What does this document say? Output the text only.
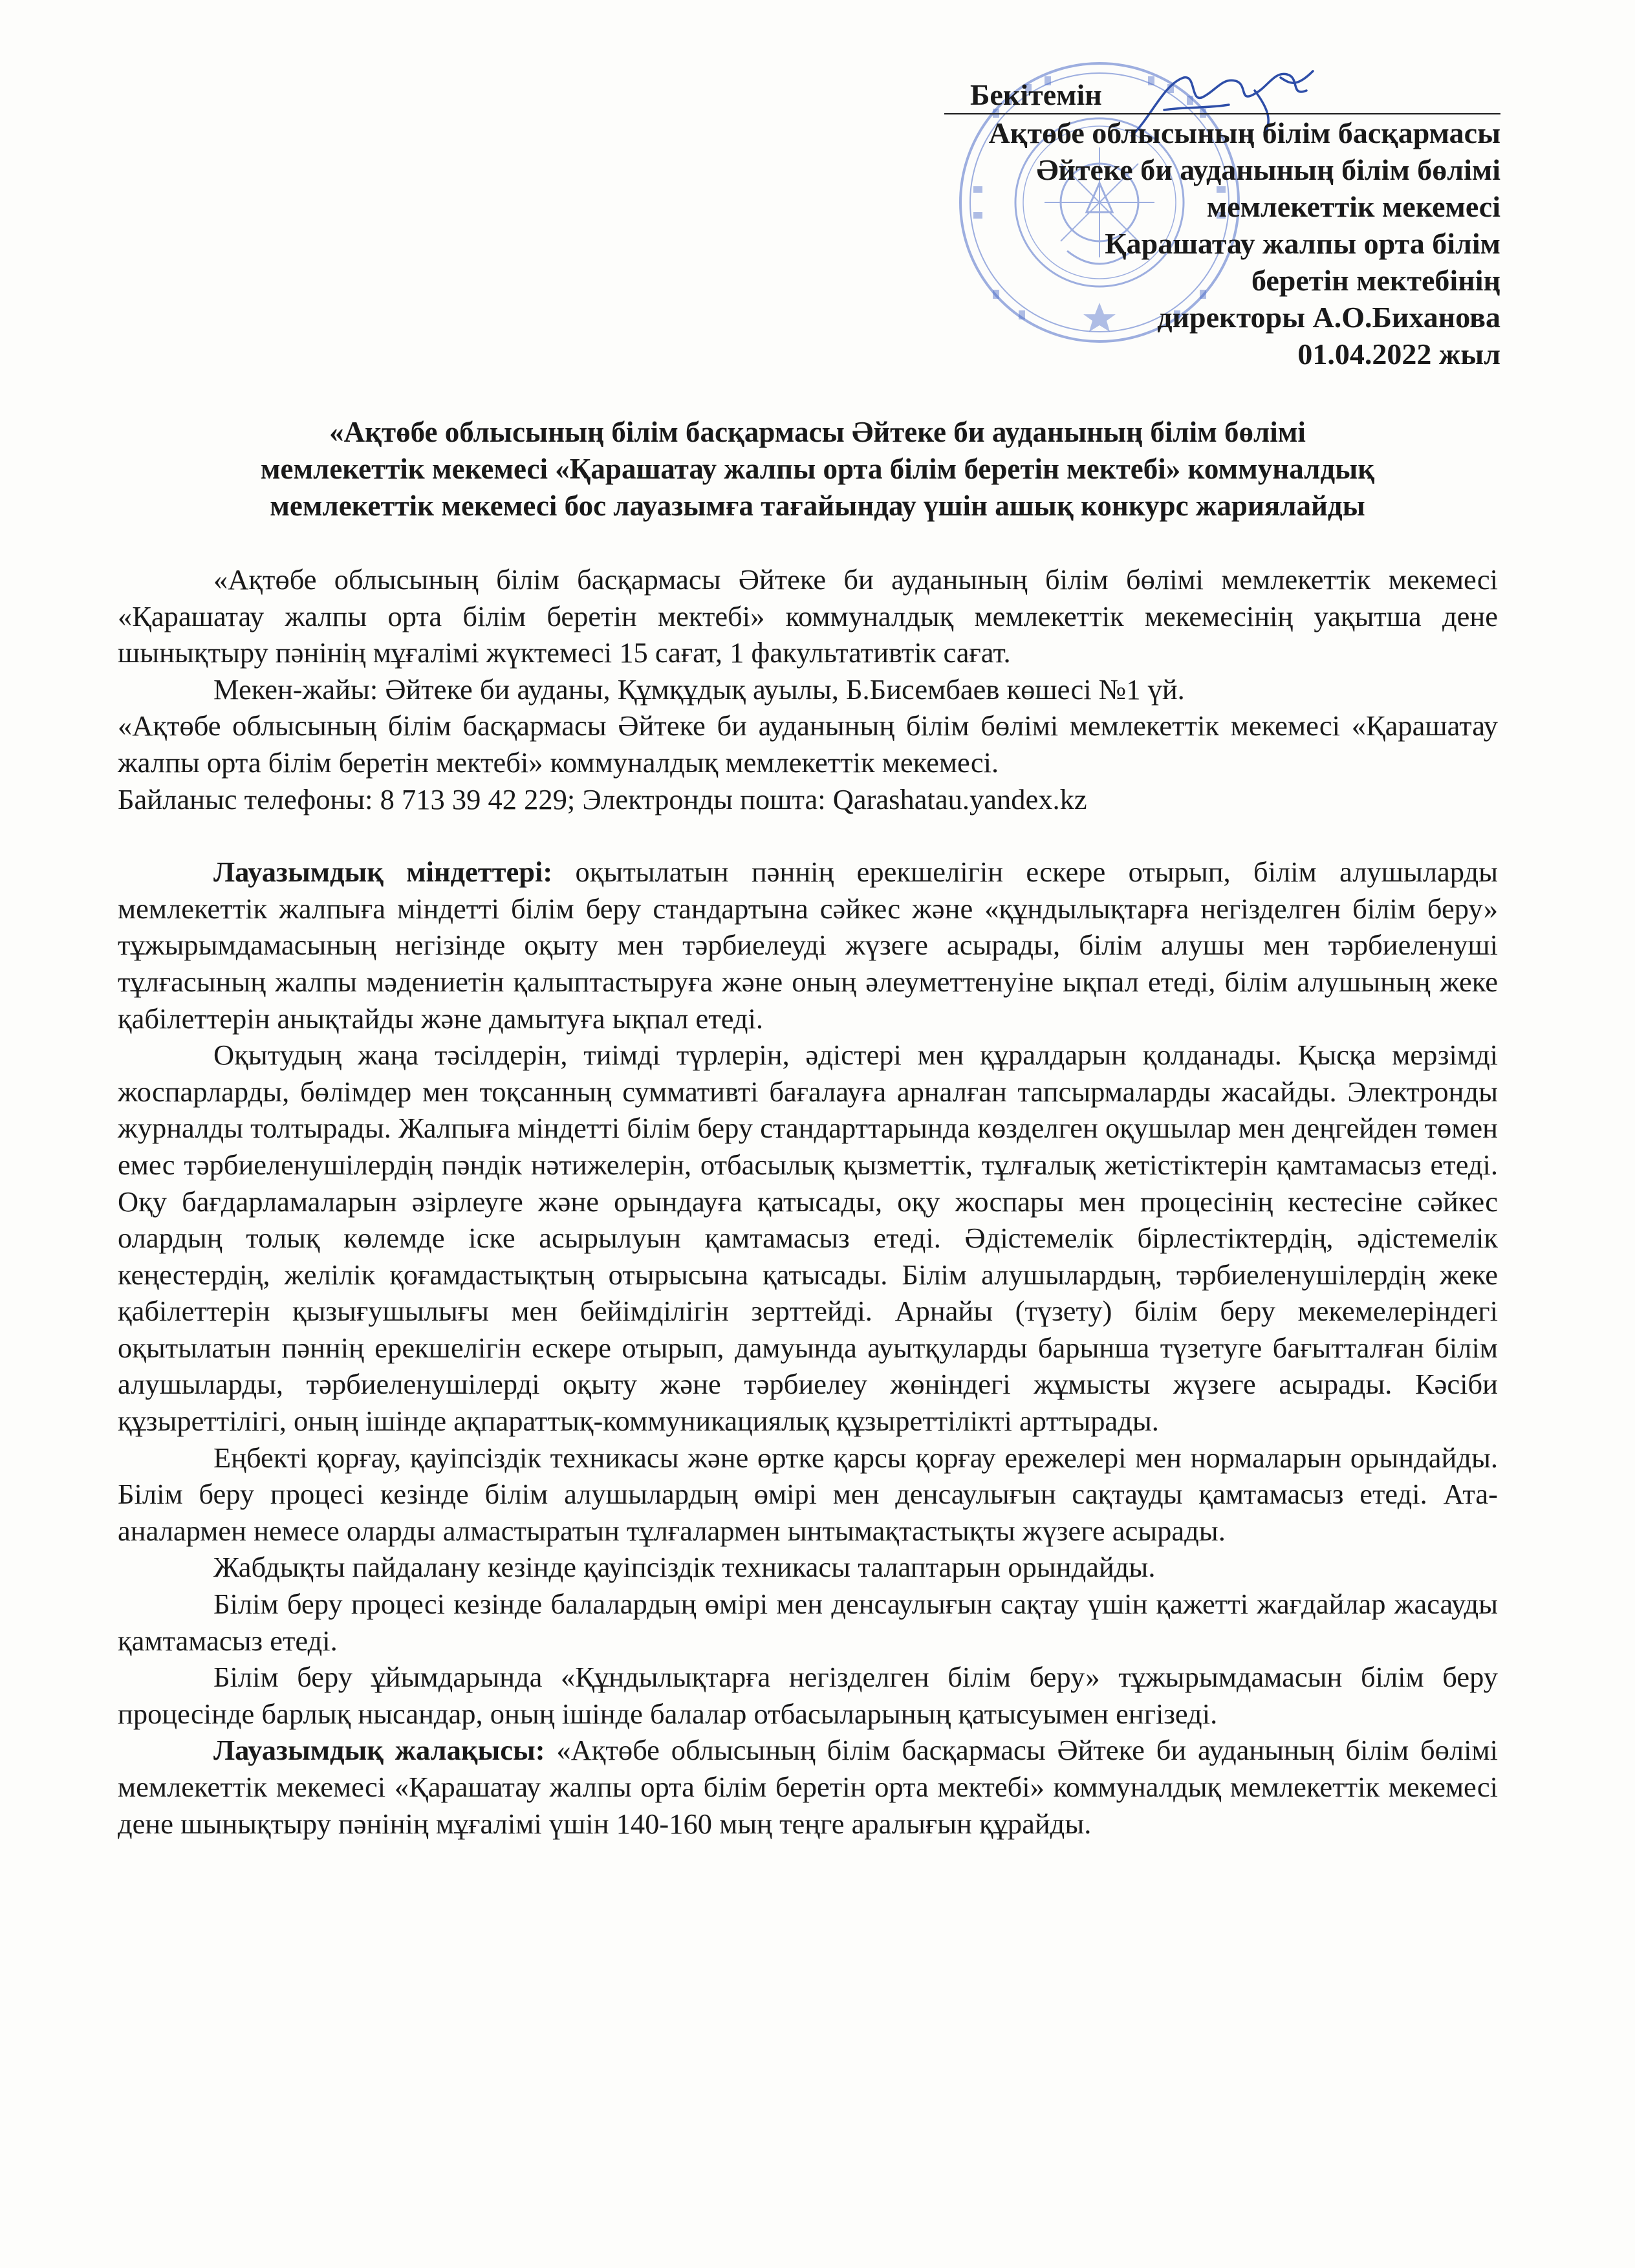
Бекітемін
Ақтөбе облысының білім басқармасы
Әйтеке би ауданының білім бөлімі
мемлекеттік мекемесі
Қарашатау жалпы орта білім
беретін мектебінің
директоры А.О.Биханова
01.04.2022 жыл
«Ақтөбе облысының білім басқармасы Әйтеке би ауданының білім бөлімі
мемлекеттік мекемесі «Қарашатау жалпы орта білім беретін мектебі» коммуналдық
мемлекеттік мекемесі бос лауазымға тағайындау үшін ашық конкурс жариялайды

«Ақтөбе облысының білім басқармасы Әйтеке би ауданының білім бөлімі мемлекеттік мекемесі «Қарашатау жалпы орта білім беретін мектебі» коммуналдық мемлекеттік мекемесінің уақытша дене шынықтыру пәнінің мұғалімі жүктемесі 15 сағат, 1 факультативтік сағат.

Мекен-жайы: Әйтеке би ауданы, Құмқұдық ауылы, Б.Бисембаев көшесі №1 үй.

«Ақтөбе облысының білім басқармасы Әйтеке би ауданының білім бөлімі мемлекеттік мекемесі «Қарашатау жалпы орта білім беретін мектебі» коммуналдық мемлекеттік мекемесі.

Байланыс телефоны: 8 713 39 42 229; Электронды пошта: Qarashatau.yandex.kz

Лауазымдық міндеттері: оқытылатын пәннің ерекшелігін ескере отырып, білім алушыларды мемлекеттік жалпыға міндетті білім беру стандартына сәйкес және «құндылықтарға негізделген білім беру» тұжырымдамасының негізінде оқыту мен тәрбиелеуді жүзеге асырады, білім алушы мен тәрбиеленуші тұлғасының жалпы мәдениетін қалыптастыруға және оның әлеуметтенуіне ықпал етеді, білім алушының жеке қабілеттерін анықтайды және дамытуға ықпал етеді.

Оқытудың жаңа тәсілдерін, тиімді түрлерін, әдістері мен құралдарын қолданады. Қысқа мерзімді жоспарларды, бөлімдер мен тоқсанның суммативті бағалауға арналған тапсырмаларды жасайды. Электронды журналды толтырады. Жалпыға міндетті білім беру стандарттарында көзделген оқушылар мен деңгейден төмен емес тәрбиеленушілердің пәндік нәтижелерін, отбасылық қызметтік, тұлғалық жетістіктерін қамтамасыз етеді. Оқу бағдарламаларын әзірлеуге және орындауға қатысады, оқу жоспары мен процесінің кестесіне сәйкес олардың толық көлемде іске асырылуын қамтамасыз етеді. Әдістемелік бірлестіктердің, әдістемелік кеңестердің, желілік қоғамдастықтың отырысына қатысады. Білім алушылардың, тәрбиеленушілердің жеке қабілеттерін қызығушылығы мен бейімділігін зерттейді. Арнайы (түзету) білім беру мекемелеріндегі оқытылатын пәннің ерекшелігін ескере отырып, дамуында ауытқуларды барынша түзетуге бағытталған білім алушыларды, тәрбиеленушілерді оқыту және тәрбиелеу жөніндегі жұмысты жүзеге асырады. Кәсіби құзыреттілігі, оның ішінде ақпараттық-коммуникациялық құзыреттілікті арттырады.

Еңбекті қорғау, қауіпсіздік техникасы және өртке қарсы қорғау ережелері мен нормаларын орындайды. Білім беру процесі кезінде білім алушылардың өмірі мен денсаулығын сақтауды қамтамасыз етеді. Ата-аналармен немесе оларды алмастыратын тұлғалармен ынтымақтастықты жүзеге асырады.

Жабдықты пайдалану кезінде қауіпсіздік техникасы талаптарын орындайды.

Білім беру процесі кезінде балалардың өмірі мен денсаулығын сақтау үшін қажетті жағдайлар жасауды қамтамасыз етеді.

Білім беру ұйымдарында «Құндылықтарға негізделген білім беру» тұжырымдамасын білім беру процесінде барлық нысандар, оның ішінде балалар отбасыларының қатысуымен енгізеді.

Лауазымдық жалақысы: «Ақтөбе облысының білім басқармасы Әйтеке би ауданының білім бөлімі мемлекеттік мекемесі «Қарашатау жалпы орта білім беретін орта мектебі» коммуналдық мемлекеттік мекемесі дене шынықтыру пәнінің мұғалімі үшін 140-160 мың теңге аралығын құрайды.
